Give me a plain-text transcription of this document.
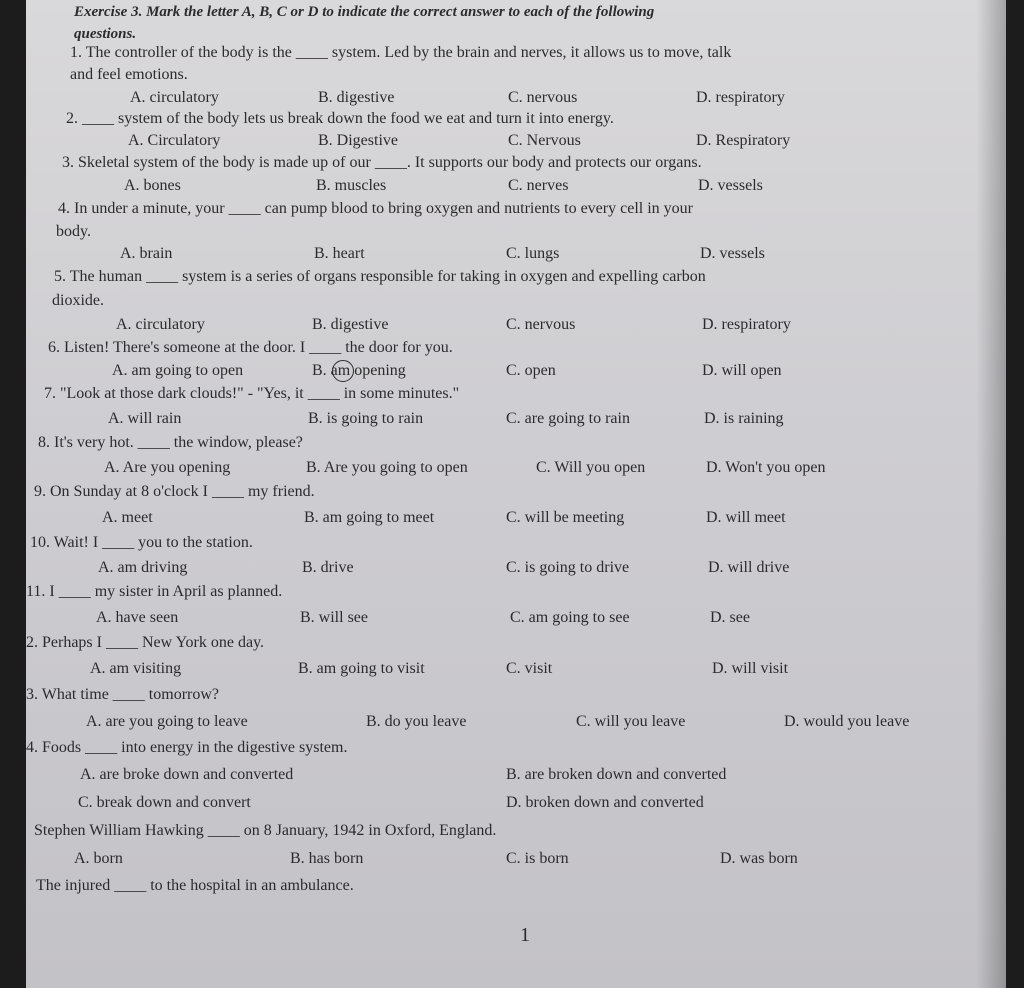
Exercise 3. Mark the letter A, B, C or D to indicate the correct answer to each of the following
questions.
1. The controller of the body is the ____ system. Led by the brain and nerves, it allows us to move, talk
and feel emotions.
A. circulatory	B. digestive	C. nervous	D. respiratory
2. ____ system of the body lets us break down the food we eat and turn it into energy.
A. Circulatory	B. Digestive	C. Nervous	D. Respiratory
3. Skeletal system of the body is made up of our ____. It supports our body and protects our organs.
A. bones	B. muscles	C. nerves	D. vessels
4. In under a minute, your ____ can pump blood to bring oxygen and nutrients to every cell in your
body.
A. brain	B. heart	C. lungs	D. vessels
5. The human ____ system is a series of organs responsible for taking in oxygen and expelling carbon
dioxide.
A. circulatory	B. digestive	C. nervous	D. respiratory
6. Listen! There's someone at the door. I ____ the door for you.
A. am going to open	B. am opening	C. open	D. will open
7. "Look at those dark clouds!" - "Yes, it ____ in some minutes."
A. will rain	B. is going to rain	C. are going to rain	D. is raining
8. It's very hot. ____ the window, please?
A. Are you opening	B. Are you going to open	C. Will you open	D. Won't you open
9. On Sunday at 8 o'clock I ____ my friend.
A. meet	B. am going to meet	C. will be meeting	D. will meet
10. Wait! I ____ you to the station.
A. am driving	B. drive	C. is going to drive	D. will drive
11. I ____ my sister in April as planned.
A. have seen	B. will see	C. am going to see	D. see
2. Perhaps I ____ New York one day.
A. am visiting	B. am going to visit	C. visit	D. will visit
3. What time ____ tomorrow?
A. are you going to leave	B. do you leave	C. will you leave	D. would you leave
4. Foods ____ into energy in the digestive system.
A. are broke down and converted	B. are broken down and converted
C. break down and convert	D. broken down and converted
Stephen William Hawking ____ on 8 January, 1942 in Oxford, England.
A. born	B. has born	C. is born	D. was born
The injured ____ to the hospital in an ambulance.
1
